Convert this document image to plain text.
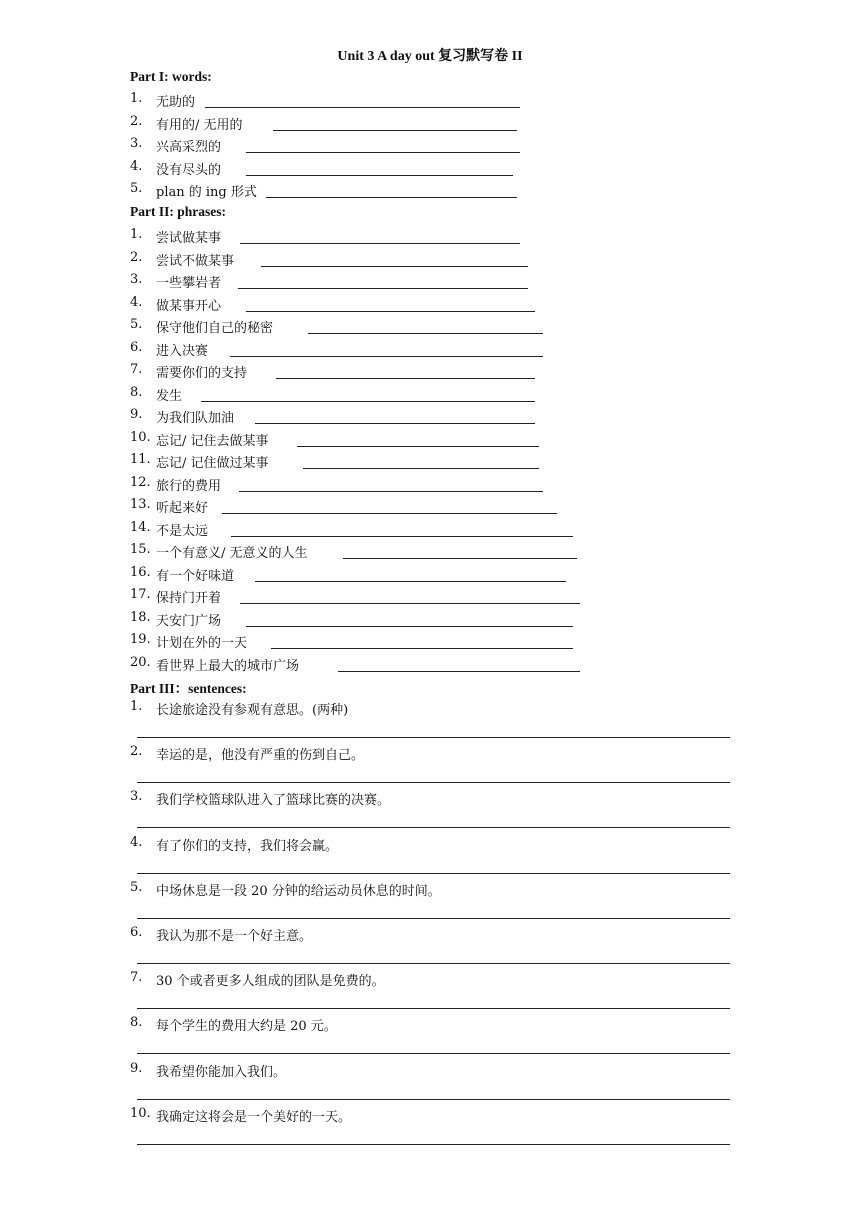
Unit 3 A day out 复习默写卷 II
Part I: words:
1. 无助的
2. 有用的/ 无用的
3. 兴高采烈的
4. 没有尽头的
5. plan 的 ing 形式
Part II: phrases:
1. 尝试做某事
2. 尝试不做某事
3. 一些攀岩者
4. 做某事开心
5. 保守他们自己的秘密
6. 进入决赛
7. 需要你们的支持
8. 发生
9. 为我们队加油
10. 忘记/ 记住去做某事
11. 忘记/ 记住做过某事
12. 旅行的费用
13. 听起来好
14. 不是太远
15. 一个有意义/ 无意义的人生
16. 有一个好味道
17. 保持门开着
18. 天安门广场
19. 计划在外的一天
20. 看世界上最大的城市广场
Part III：sentences:
1. 长途旅途没有参观有意思。(两种)
2. 幸运的是，他没有严重的伤到自己。
3. 我们学校篮球队进入了篮球比赛的决赛。
4. 有了你们的支持，我们将会赢。
5. 中场休息是一段 20 分钟的给运动员休息的时间。
6. 我认为那不是一个好主意。
7. 30 个或者更多人组成的团队是免费的。
8. 每个学生的费用大约是 20 元。
9. 我希望你能加入我们。
10. 我确定这将会是一个美好的一天。
